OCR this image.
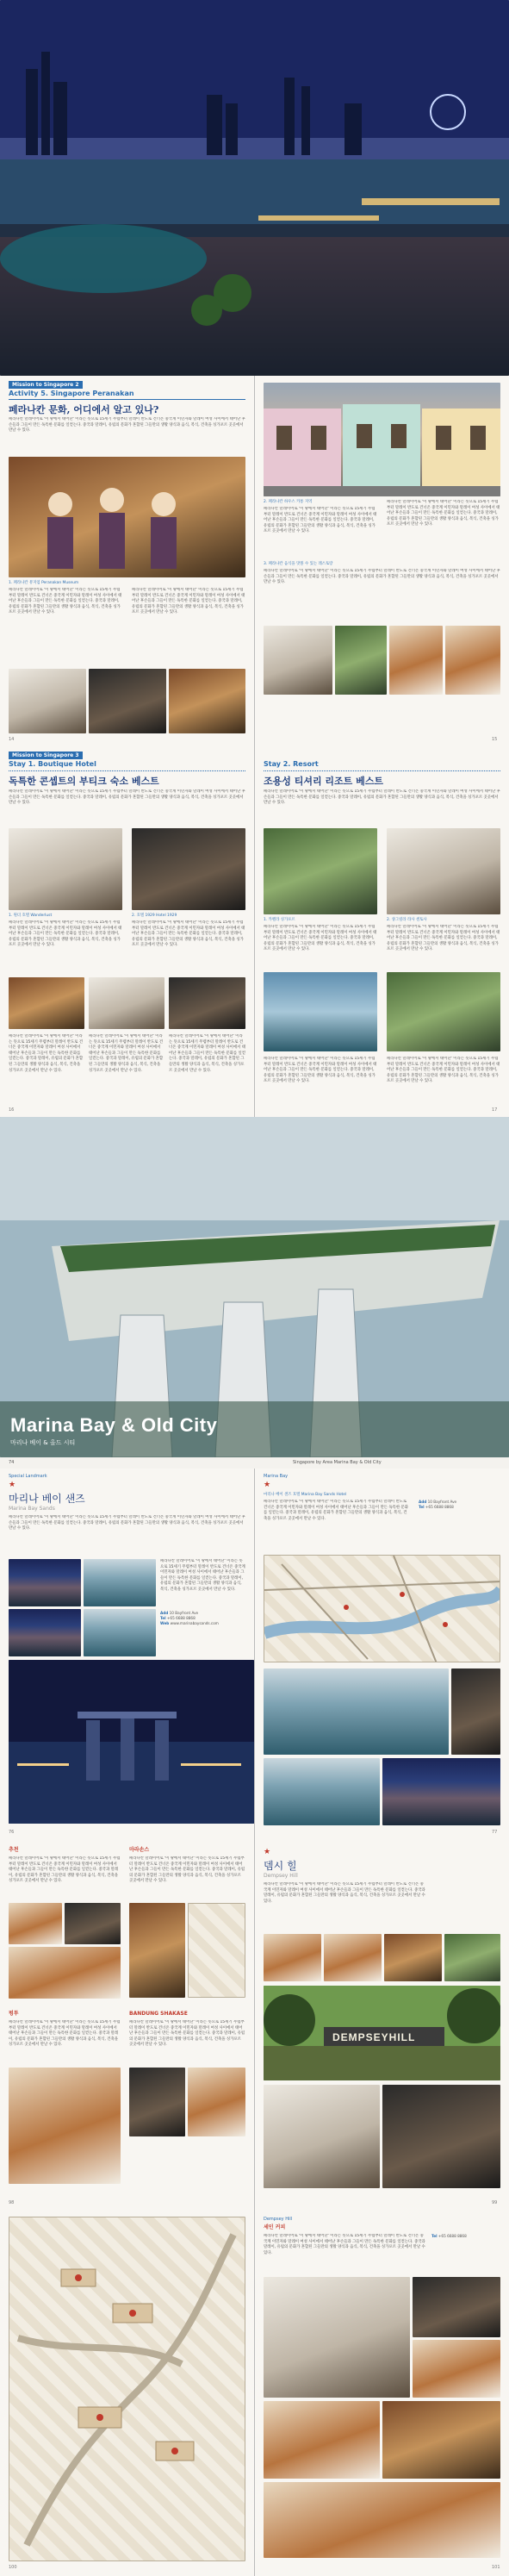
Mission to Singapore 2
Activity 5. Singapore Peranakan
페라나칸 문화, 어디에서 알고 있나?
페라나칸 말레이어로 '이 땅에서 태어난' 이라는 뜻으로 15세기 무렵부터 말레이 반도로 건너온 중국계 이민자와 말레이 여성 사이에서 태어난 후손들과 그들이 만든 독특한 문화를 일컫는다. 중국과 말레이, 유럽의 문화가 혼합된 그들만의 생활 양식과 음식, 복식, 건축을 싱가포르 곳곳에서 만날 수 있다.
1. 페라나칸 뮤지엄 Peranakan Museum
페라나칸 말레이어로 '이 땅에서 태어난' 이라는 뜻으로 15세기 무렵부터 말레이 반도로 건너온 중국계 이민자와 말레이 여성 사이에서 태어난 후손들과 그들이 만든 독특한 문화를 일컫는다. 중국과 말레이, 유럽의 문화가 혼합된 그들만의 생활 양식과 음식, 복식, 건축을 싱가포르 곳곳에서 만날 수 있다.
페라나칸 말레이어로 '이 땅에서 태어난' 이라는 뜻으로 15세기 무렵부터 말레이 반도로 건너온 중국계 이민자와 말레이 여성 사이에서 태어난 후손들과 그들이 만든 독특한 문화를 일컫는다. 중국과 말레이, 유럽의 문화가 혼합된 그들만의 생활 양식과 음식, 복식, 건축을 싱가포르 곳곳에서 만날 수 있다.
14
2. 페라나칸 하우스 카통 지역
페라나칸 말레이어로 '이 땅에서 태어난' 이라는 뜻으로 15세기 무렵부터 말레이 반도로 건너온 중국계 이민자와 말레이 여성 사이에서 태어난 후손들과 그들이 만든 독특한 문화를 일컫는다. 중국과 말레이, 유럽의 문화가 혼합된 그들만의 생활 양식과 음식, 복식, 건축을 싱가포르 곳곳에서 만날 수 있다.
페라나칸 말레이어로 '이 땅에서 태어난' 이라는 뜻으로 15세기 무렵부터 말레이 반도로 건너온 중국계 이민자와 말레이 여성 사이에서 태어난 후손들과 그들이 만든 독특한 문화를 일컫는다. 중국과 말레이, 유럽의 문화가 혼합된 그들만의 생활 양식과 음식, 복식, 건축을 싱가포르 곳곳에서 만날 수 있다.
3. 페라나칸 음식을 맛볼 수 있는 레스토랑
페라나칸 말레이어로 '이 땅에서 태어난' 이라는 뜻으로 15세기 무렵부터 말레이 반도로 건너온 중국계 이민자와 말레이 여성 사이에서 태어난 후손들과 그들이 만든 독특한 문화를 일컫는다. 중국과 말레이, 유럽의 문화가 혼합된 그들만의 생활 양식과 음식, 복식, 건축을 싱가포르 곳곳에서 만날 수 있다.
15
Mission to Singapore 3
Stay 1. Boutique Hotel
독특한 콘셉트의 부티크 숙소 베스트
페라나칸 말레이어로 '이 땅에서 태어난' 이라는 뜻으로 15세기 무렵부터 말레이 반도로 건너온 중국계 이민자와 말레이 여성 사이에서 태어난 후손들과 그들이 만든 독특한 문화를 일컫는다. 중국과 말레이, 유럽의 문화가 혼합된 그들만의 생활 양식과 음식, 복식, 건축을 싱가포르 곳곳에서 만날 수 있다.
1. 원더 호텔 Wanderlust	2. 호텔 1929 Hotel 1929
페라나칸 말레이어로 '이 땅에서 태어난' 이라는 뜻으로 15세기 무렵부터 말레이 반도로 건너온 중국계 이민자와 말레이 여성 사이에서 태어난 후손들과 그들이 만든 독특한 문화를 일컫는다. 중국과 말레이, 유럽의 문화가 혼합된 그들만의 생활 양식과 음식, 복식, 건축을 싱가포르 곳곳에서 만날 수 있다.
페라나칸 말레이어로 '이 땅에서 태어난' 이라는 뜻으로 15세기 무렵부터 말레이 반도로 건너온 중국계 이민자와 말레이 여성 사이에서 태어난 후손들과 그들이 만든 독특한 문화를 일컫는다. 중국과 말레이, 유럽의 문화가 혼합된 그들만의 생활 양식과 음식, 복식, 건축을 싱가포르 곳곳에서 만날 수 있다.
페라나칸 말레이어로 '이 땅에서 태어난' 이라는 뜻으로 15세기 무렵부터 말레이 반도로 건너온 중국계 이민자와 말레이 여성 사이에서 태어난 후손들과 그들이 만든 독특한 문화를 일컫는다. 중국과 말레이, 유럽의 문화가 혼합된 그들만의 생활 양식과 음식, 복식, 건축을 싱가포르 곳곳에서 만날 수 있다.
페라나칸 말레이어로 '이 땅에서 태어난' 이라는 뜻으로 15세기 무렵부터 말레이 반도로 건너온 중국계 이민자와 말레이 여성 사이에서 태어난 후손들과 그들이 만든 독특한 문화를 일컫는다. 중국과 말레이, 유럽의 문화가 혼합된 그들만의 생활 양식과 음식, 복식, 건축을 싱가포르 곳곳에서 만날 수 있다.
페라나칸 말레이어로 '이 땅에서 태어난' 이라는 뜻으로 15세기 무렵부터 말레이 반도로 건너온 중국계 이민자와 말레이 여성 사이에서 태어난 후손들과 그들이 만든 독특한 문화를 일컫는다. 중국과 말레이, 유럽의 문화가 혼합된 그들만의 생활 양식과 음식, 복식, 건축을 싱가포르 곳곳에서 만날 수 있다.
16
Stay 2. Resort
조용성 티셔리 리조트 베스트
페라나칸 말레이어로 '이 땅에서 태어난' 이라는 뜻으로 15세기 무렵부터 말레이 반도로 건너온 중국계 이민자와 말레이 여성 사이에서 태어난 후손들과 그들이 만든 독특한 문화를 일컫는다. 중국과 말레이, 유럽의 문화가 혼합된 그들만의 생활 양식과 음식, 복식, 건축을 싱가포르 곳곳에서 만날 수 있다.
1. 카펠라 싱가포르	2. 샹그릴라 라사 센토사
페라나칸 말레이어로 '이 땅에서 태어난' 이라는 뜻으로 15세기 무렵부터 말레이 반도로 건너온 중국계 이민자와 말레이 여성 사이에서 태어난 후손들과 그들이 만든 독특한 문화를 일컫는다. 중국과 말레이, 유럽의 문화가 혼합된 그들만의 생활 양식과 음식, 복식, 건축을 싱가포르 곳곳에서 만날 수 있다.
페라나칸 말레이어로 '이 땅에서 태어난' 이라는 뜻으로 15세기 무렵부터 말레이 반도로 건너온 중국계 이민자와 말레이 여성 사이에서 태어난 후손들과 그들이 만든 독특한 문화를 일컫는다. 중국과 말레이, 유럽의 문화가 혼합된 그들만의 생활 양식과 음식, 복식, 건축을 싱가포르 곳곳에서 만날 수 있다.
페라나칸 말레이어로 '이 땅에서 태어난' 이라는 뜻으로 15세기 무렵부터 말레이 반도로 건너온 중국계 이민자와 말레이 여성 사이에서 태어난 후손들과 그들이 만든 독특한 문화를 일컫는다. 중국과 말레이, 유럽의 문화가 혼합된 그들만의 생활 양식과 음식, 복식, 건축을 싱가포르 곳곳에서 만날 수 있다.
페라나칸 말레이어로 '이 땅에서 태어난' 이라는 뜻으로 15세기 무렵부터 말레이 반도로 건너온 중국계 이민자와 말레이 여성 사이에서 태어난 후손들과 그들이 만든 독특한 문화를 일컫는다. 중국과 말레이, 유럽의 문화가 혼합된 그들만의 생활 양식과 음식, 복식, 건축을 싱가포르 곳곳에서 만날 수 있다.
17
Marina Bay & Old City
마리나 베이 & 올드 시티
74	Singapore by Area Marina Bay & Old City
Special Landmark
★
마리나 베이 샌즈
Marina Bay Sands
페라나칸 말레이어로 '이 땅에서 태어난' 이라는 뜻으로 15세기 무렵부터 말레이 반도로 건너온 중국계 이민자와 말레이 여성 사이에서 태어난 후손들과 그들이 만든 독특한 문화를 일컫는다. 중국과 말레이, 유럽의 문화가 혼합된 그들만의 생활 양식과 음식, 복식, 건축을 싱가포르 곳곳에서 만날 수 있다.
페라나칸 말레이어로 '이 땅에서 태어난' 이라는 뜻으로 15세기 무렵부터 말레이 반도로 건너온 중국계 이민자와 말레이 여성 사이에서 태어난 후손들과 그들이 만든 독특한 문화를 일컫는다. 중국과 말레이, 유럽의 문화가 혼합된 그들만의 생활 양식과 음식, 복식, 건축을 싱가포르 곳곳에서 만날 수 있다.
Add 10 Bayfront Ave
Tel +65 6688 8868
Web www.marinabaysands.com
76
Marina Bay
★
마리나 베이 샌즈 호텔 Marina Bay Sands Hotel
페라나칸 말레이어로 '이 땅에서 태어난' 이라는 뜻으로 15세기 무렵부터 말레이 반도로 건너온 중국계 이민자와 말레이 여성 사이에서 태어난 후손들과 그들이 만든 독특한 문화를 일컫는다. 중국과 말레이, 유럽의 문화가 혼합된 그들만의 생활 양식과 음식, 복식, 건축을 싱가포르 곳곳에서 만날 수 있다.
Add 10 Bayfront Ave
Tel +65 6688 8868
77
추천
페라나칸 말레이어로 '이 땅에서 태어난' 이라는 뜻으로 15세기 무렵부터 말레이 반도로 건너온 중국계 이민자와 말레이 여성 사이에서 태어난 후손들과 그들이 만든 독특한 문화를 일컫는다. 중국과 말레이, 유럽의 문화가 혼합된 그들만의 생활 양식과 음식, 복식, 건축을 싱가포르 곳곳에서 만날 수 있다.
마라손스
페라나칸 말레이어로 '이 땅에서 태어난' 이라는 뜻으로 15세기 무렵부터 말레이 반도로 건너온 중국계 이민자와 말레이 여성 사이에서 태어난 후손들과 그들이 만든 독특한 문화를 일컫는다. 중국과 말레이, 유럽의 문화가 혼합된 그들만의 생활 양식과 음식, 복식, 건축을 싱가포르 곳곳에서 만날 수 있다.
펑투
페라나칸 말레이어로 '이 땅에서 태어난' 이라는 뜻으로 15세기 무렵부터 말레이 반도로 건너온 중국계 이민자와 말레이 여성 사이에서 태어난 후손들과 그들이 만든 독특한 문화를 일컫는다. 중국과 말레이, 유럽의 문화가 혼합된 그들만의 생활 양식과 음식, 복식, 건축을 싱가포르 곳곳에서 만날 수 있다.
BANDUNG SHAKASE
페라나칸 말레이어로 '이 땅에서 태어난' 이라는 뜻으로 15세기 무렵부터 말레이 반도로 건너온 중국계 이민자와 말레이 여성 사이에서 태어난 후손들과 그들이 만든 독특한 문화를 일컫는다. 중국과 말레이, 유럽의 문화가 혼합된 그들만의 생활 양식과 음식, 복식, 건축을 싱가포르 곳곳에서 만날 수 있다.
98
★
뎀시 힐
Dempsey Hill
페라나칸 말레이어로 '이 땅에서 태어난' 이라는 뜻으로 15세기 무렵부터 말레이 반도로 건너온 중국계 이민자와 말레이 여성 사이에서 태어난 후손들과 그들이 만든 독특한 문화를 일컫는다. 중국과 말레이, 유럽의 문화가 혼합된 그들만의 생활 양식과 음식, 복식, 건축을 싱가포르 곳곳에서 만날 수 있다.
DEMPSEYHILL
99
100
Dempsey Hill
세인 커피
페라나칸 말레이어로 '이 땅에서 태어난' 이라는 뜻으로 15세기 무렵부터 말레이 반도로 건너온 중국계 이민자와 말레이 여성 사이에서 태어난 후손들과 그들이 만든 독특한 문화를 일컫는다. 중국과 말레이, 유럽의 문화가 혼합된 그들만의 생활 양식과 음식, 복식, 건축을 싱가포르 곳곳에서 만날 수 있다.
Tel +65 6688 8868
101
